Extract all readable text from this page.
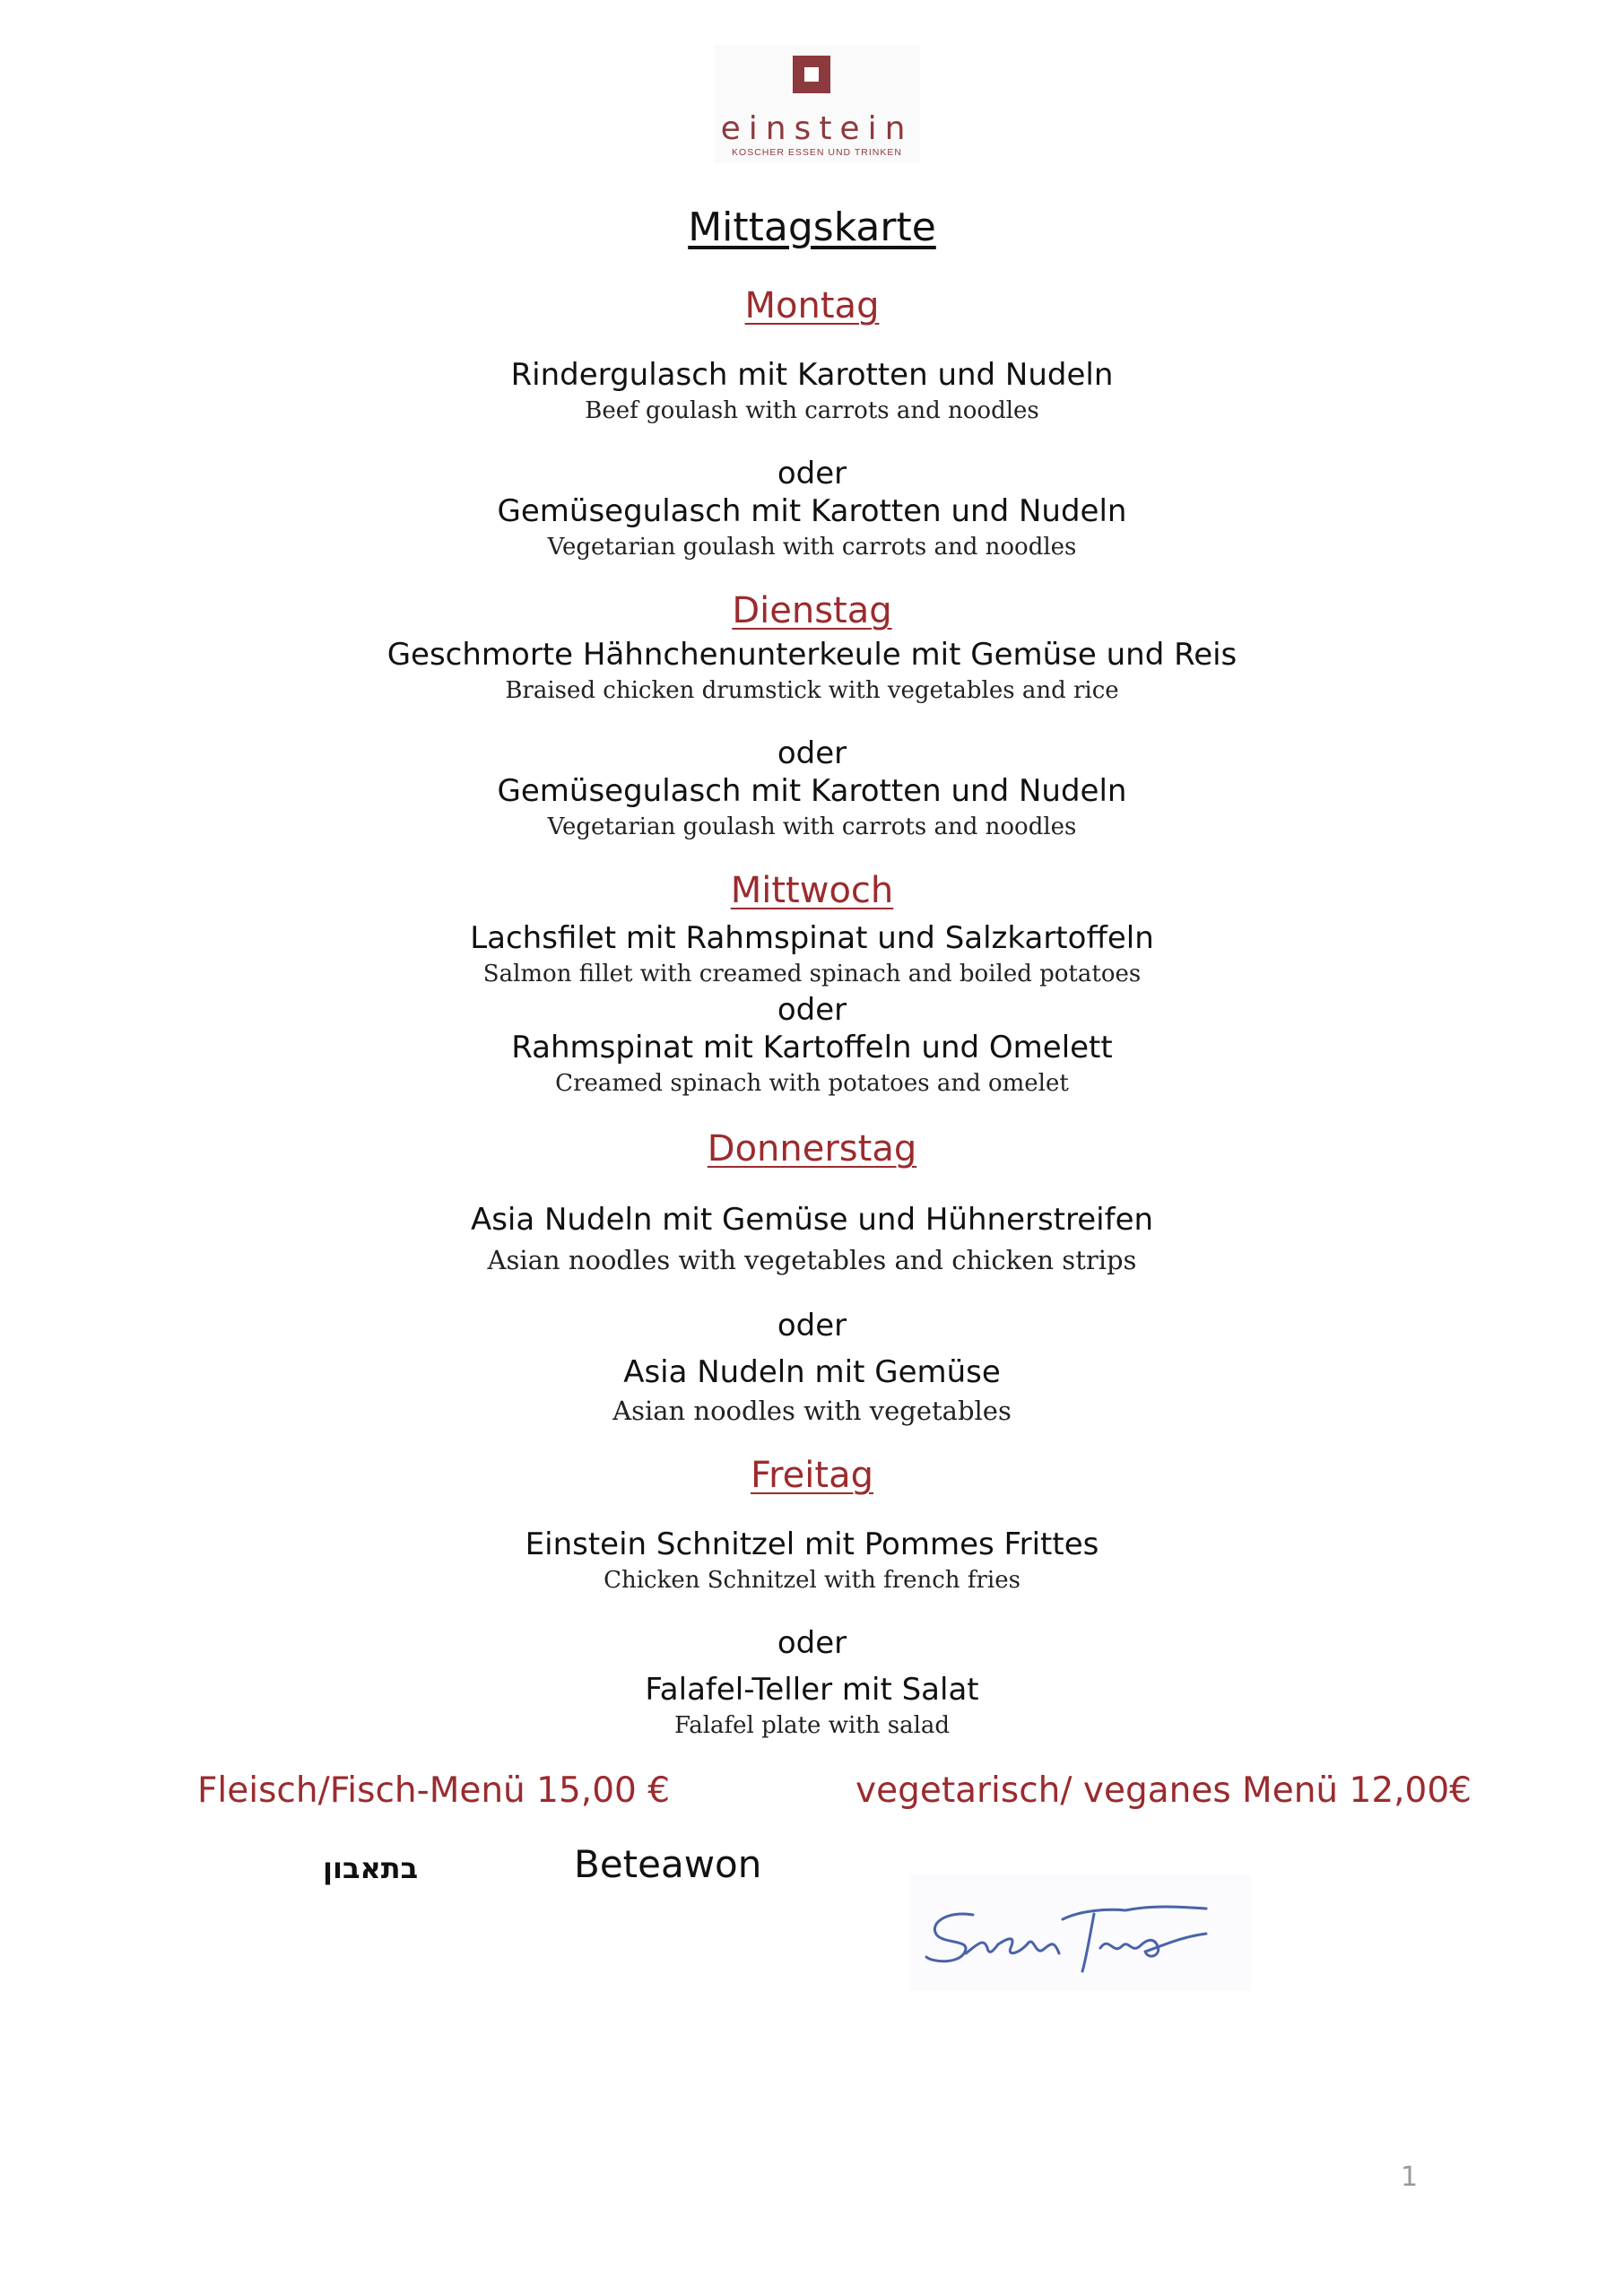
einstein
KOSCHER ESSEN UND TRINKEN
Mittagskarte
Montag
Rindergulasch mit Karotten und Nudeln
Beef goulash with carrots and noodles
oder
Gemüsegulasch mit Karotten und Nudeln
Vegetarian goulash with carrots and noodles
Dienstag
Geschmorte Hähnchenunterkeule mit Gemüse und Reis
Braised chicken drumstick with vegetables and rice
oder
Gemüsegulasch mit Karotten und Nudeln
Vegetarian goulash with carrots and noodles
Mittwoch
Lachsfilet mit Rahmspinat und Salzkartoffeln
Salmon fillet with creamed spinach and boiled potatoes
oder
Rahmspinat mit Kartoffeln und Omelett
Creamed spinach with potatoes and omelet
Donnerstag
Asia Nudeln mit Gemüse und Hühnerstreifen
Asian noodles with vegetables and chicken strips
oder
Asia Nudeln mit Gemüse
Asian noodles with vegetables
Freitag
Einstein Schnitzel mit Pommes Frittes
Chicken Schnitzel with french fries
oder
Falafel-Teller mit Salat
Falafel plate with salad
Fleisch/Fisch-Menü 15,00 €	vegetarisch/ veganes Menü 12,00€
בתאבון	Beteawon
1
